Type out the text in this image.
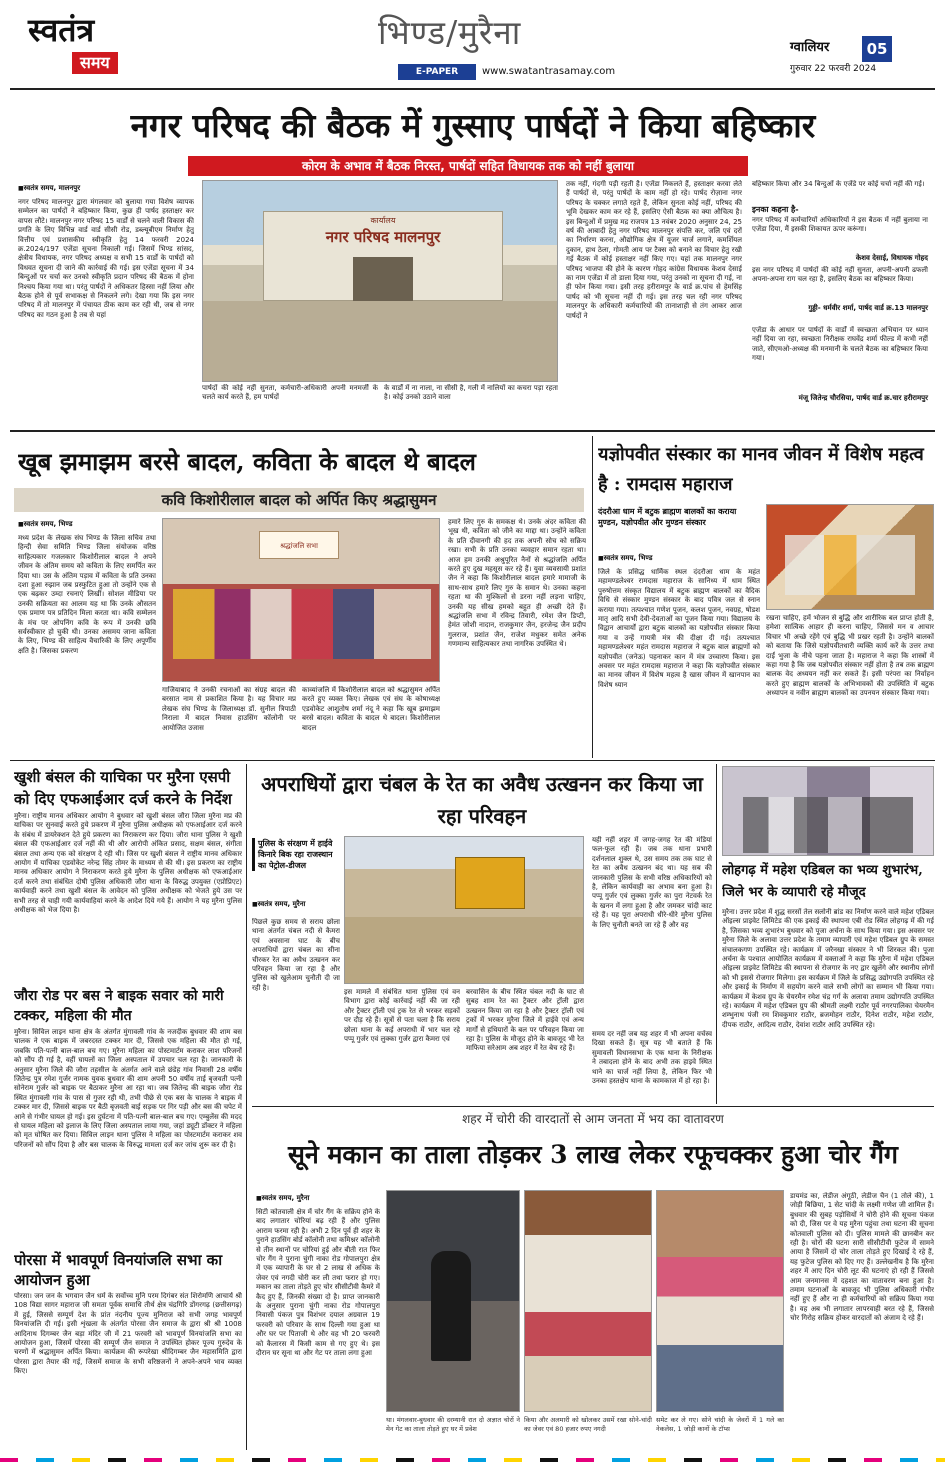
स्वतंत्र
समय
भिण्ड/मुरैना
E-PAPER	www.swatantrasamay.com
ग्वालियर	05
गुरुवार 22 फरवरी 2024
नगर परिषद की बैठक में गुस्साए पार्षदों ने किया बहिष्कार
कोरम के अभाव में बैठक निरस्त, पार्षदों सहित विधायक तक को नहीं बुलाया
■ स्वतंत्र समय, मालनपुर
नगर परिषद मालनपुर द्वारा मंगलवार को बुलाया गया विशेष व्यापक सम्मेलन का पार्षदों ने बहिष्कार किया, कुछ ही पार्षद हस्ताक्षर कर वापस लौटे। मालनपुर नगर परिषद 15 वार्डों से चलने वाली विकास की प्रगति के लिए विभिन्न वार्ड वार्ड सीसी रोड, डब्ल्यूबीएम निर्माण हेतु वित्तीय एवं प्रशासकीय स्वीकृति हेतु 14 फरवरी 2024 क्र.2024/197 एजेंडा सूचना निकाली गई। जिसमें भिण्ड सांसद, क्षेत्रीय विधायक, नगर परिषद अध्यक्ष व सभी 15 वार्डों के पार्षदों को विधवत सूचना दी जाने की कार्रवाई की गई। इस एजेंडा सूचना में 34 बिन्दुओं पर चर्चा कर उनको स्वीकृति प्रदान परिषद की बैठक में होना निश्चय किया गया था। परंतु पार्षदों ने अधिकतर हिस्सा नहीं लिया और बैठक होने से पूर्व सभाकक्ष से निकलने लगे। देखा गया कि इस नगर परिषद में तो मालनपुर में पंचायत ठीक काम कर रही थी, जब से नगर परिषद का गठन हुआ है तब से यहां
कार्यालय
नगर परिषद मालनपुर
पार्षदों की कोई नहीं सुनता, कर्मचारी-अधिकारी अपनी मनमर्जी के चलते कार्य करते हैं, हम पार्षदों
के वार्डों में ना नाला, ना सीसी है, गली में नालियों का कचरा पड़ा रहता है। कोई उनको उठाने वाला
तक नहीं, गंदगी पड़ी रहती है। एजेंडा निकलते हैं, हस्ताक्षर करवा लेते हैं पार्षदों से, परंतु पार्षदों के काम नहीं हो रहे। पार्षद रोज़ाना नगर परिषद के चक्कर लगाते रहते हैं, लेकिन सुनता कोई नहीं, परिषद की भूमि देखकर काम कर रहे हैं, इसलिए ऐसी बैठक का क्या औचित्य है। इस बिन्दुओं में प्रमुख मद्र राजपत्र 13 नवंबर 2020 अनुसार 24, 25 वर्ष की आबादी हेतु नगर परिषद मालनपुर संपत्ति कर, जलि एवं दरों का निर्धारण करना, औद्योगिक क्षेत्र में यूजर चार्ज लगाने, कमर्शियल दुकान, हाथ ठेला, गोमती आय पर टैक्स को बनाने का विचार हेतु रखी गई बैठक में कोई हस्ताक्षर नहीं किए गए। यहां तक मालनपुर नगर परिषद भाजपा की होने के कारण गोहद कांग्रेस विधायक केशव देसाई का नाम एजेंडा में तो डाला दिया गया, परंतु उनको ना सूचना दी गई, ना ही फोन किया गया। इसी तरह हरीरामपुर के वार्ड क्र.पांच से हेमसिंह पार्षद को भी सूचना नहीं दी गई। इस तरह चल रही नगर परिषद मालनपुर के अधिकारी कर्मचारियों की तानाशाही से तंग आकर आज पार्षदों ने
बहिष्कार किया और 34 बिन्दुओं के एजेंडे पर कोई चर्चा नहीं की गई।
इनका कहना है-
नगर परिषद में कर्मचारियों अधिकारियों ने इस बैठक में नहीं बुलाया ना एजेंडा दिया, मैं इसकी शिकायत ऊपर करूंगा।
केशव देसाई, विधायक गोहद
इस नगर परिषद में पार्षदों की कोई नहीं सुनता, अपनी-अपनी ढफली अपना-अपना राग चल रहा है, इसलिए बैठक का बहिष्कार किया।
गुड्डी- धर्मवीर शर्मा, पार्षद वार्ड क्र.13 मालनपुर
एजेंडा के आधार पर पार्षदों के वार्डों में स्वच्छता अभियान पर ध्यान नहीं दिया जा रहा, स्वच्छता निरीक्षक राघवेंद्र शर्मा फील्ड में कभी नहीं जाते, सीएमओ-अध्यक्ष की मनमानी के चलते बैठक का बहिष्कार किया गया।
मंजू जितेन्द्र चौरसिया, पार्षद वार्ड क्र.चार हरीरामपुर
खूब झमाझम बरसे बादल, कविता के बादल थे बादल
कवि किशोरीलाल बादल को अर्पित किए श्रद्धासुमन
■ स्वतंत्र समय, भिण्ड
मध्य प्रदेश के लेखक संघ भिण्ड के जिला सचिव तथा हिन्दी सेवा समिति भिण्ड जिला संयोजक वरिष्ठ साहित्यकार गजलकार किशोरीलाल बादल ने अपने जीवन के अंतिम समय को कविता के लिए समर्पित कर दिया था। उस के अंतिम पड़ाव में कविता के प्रति उनका दशा हुआ रुझान जब प्रस्फुटित हुआ तो उन्होंने एक से एक बढ़कर उम्दा रचनाएं लिखीं। सोशल मीडिया पर उनकी सक्रियता का आलम यह था कि उनके औसतन एक प्रमाण पत्र प्रतिदिन मिला करता था। कवि सम्मेलन के मंच पर ओपनिंग कवि के रूप में उनकी छवि सर्वस्वीकार हो चुकी थी। उनका असमय जाना कविता के लिए, भिण्ड की साहित्य वैचारिकी के लिए अपूर्णीय क्षति है। जिसका प्रकरण
श्रद्धांजलि सभा
गाजियाबाद ने उनकी रचनाओं का संग्रह बादल की बरसात नाम से प्रकाशित किया है। यह विचार मप्र लेखक संघ भिण्ड के जिलाध्यक्ष डॉ. सुनील त्रिपाठी निराला में बादल निवास हाउसिंग कॉलोनी पर आयोजित उजास
काव्यांजलि में किशोरीलाल बादल को श्रद्धासुमन अर्पित करते हुए व्यक्त किए। लेखक एवं संघ के कोषाध्यक्ष एडवोकेट आशुतोष शर्मा नंदू ने कहा कि खूब झमाझम बरसे बादल। कविता के बादल थे बादल। किशोरीलाल बादल
हमारे लिए गुरु के समकक्ष थे। उनके अंदर कविता की भूख थी, कविता को जीने का माद्दा था। उन्होंने कविता के प्रति दीवानगी की हद तक अपनी सोच को सक्रिय रखा। सभी के प्रति उनका व्यवहार समान रहता था। आज हम उनकी अश्रुपूरित नैनों से श्रद्धांजलि अर्पित करते हुए दुख महसूस कर रहे हैं। युवा व्यवसायी प्रशांत जैन ने कहा कि किशोरीलाल बादल हमारे मामाजी के साथ-साथ हमारे लिए गुरु के समान थे। उनका कहना रहता था की मुश्किलों से डरना नहीं लड़ना चाहिए, उनकी यह सीख हमको बहुत ही अच्छी देते हैं। श्रद्धांजलि सभा में रविन्द्र तिवारी, रमेश जैन डिप्टी, हेमंत जोशी नादान, राजकुमार जैन, हरजेन्द्र जैन प्रदीप गुलराज, प्रशांत जैन, राजेश मधुकर समेत अनेक गणमान्य साहित्यकार तथा नागरिक उपस्थित थे।
यज्ञोपवीत संस्कार का मानव जीवन में विशेष महत्व है : रामदास महाराज
दंदरौआ धाम में बटुक ब्राह्मण बालकों का कराया मुण्डन, यज्ञोपवीत और मुण्डन संस्कार
■ स्वतंत्र समय, भिण्ड
जिले के प्रसिद्ध धार्मिक स्थल दंदरौआ धाम के महंत महामण्डलेश्वर रामदास महाराज के सानिध्य में धाम स्थित पुरुषोत्तम संस्कृत विद्यालय में बटुक ब्राह्मण बालकों का वैदिक विधि से संस्कार मुण्डन संस्कार के बाद पवित्र जल से स्नान कराया गया। तत्पश्चात गणेश पूजन, कलश पूजन, नवग्रह, षोडश मातृ आदि सभी देवी-देवताओं का पूजन किया गया। विद्यालय के विद्वान आचार्यों द्वारा बटुक बालकों का यज्ञोपवीत संस्कार किया गया व उन्हें गायत्री मंत्र की दीक्षा दी गई। तत्पश्चात महामण्डलेश्वर महंत रामदास महाराज ने बटुक बाल ब्राह्मणों को यज्ञोपवीत (जनेऊ) पहनाकर कान में मंत्र उच्चारण किया। इस अवसर पर महंत रामदास महाराज ने कहा कि यज्ञोपवीत संस्कार का मानव जीवन में विशेष महत्व है खास जीवन में खानपान का विशेष ध्यान
रखना चाहिए, हमें भोजन से बुद्धि और शारीरिक बल प्राप्त होती है, हमेशा सात्विक आहार ही करना चाहिए, जिससे मन व आचार विचार भी अच्छे रहेंगे एवं बुद्धि भी प्रखर रहती है। उन्होंने बालकों को बताया कि जिसे यज्ञोपवीतधारी व्यक्ति कार्य करें के उत्तर तथा दाईं भुजा के नीचे पहना जाता है। महाराज ने कहा कि शास्त्रों में कहा गया है कि जब यज्ञोपवीत संस्कार नहीं होता है तब तक ब्राह्मण बालक वेद अध्ययन नहीं कर सकते हैं। इसी परंपरा का निर्वाहन करते हुए ब्राह्मण बालकों के अभिभावकों की उपस्थिति में बटुक अध्यापन व नवीन ब्राह्मण बालकों का उपनयन संस्कार किया गया।
खुशी बंसल की याचिका पर मुरैना एसपी को दिए एफआईआर दर्ज करने के निर्देश
मुरैना। राष्ट्रीय मानव अधिकार आयोग ने बुधवार को खुशी बंसल जौरा जिला मुरैना मप्र की याचिका पर सुनवाई करते हुये प्रकरण में मुरैना पुलिस अधीक्षक को एफआईआर दर्ज करने के संबंध में डायरेक्शन देते हुये प्रकरण का निराकरण कर दिया। जौरा थाना पुलिस ने खुशी बंसल की एफआईआर दर्ज नहीं की थी और आरोपी अंकित प्रसाद, सक्षम बंसल, संगीता बंसल तथा अन्य एक को संरक्षण दे रही थी। जिस पर खुशी बंसल ने राष्ट्रीय मानव अधिकार आयोग में याचिका एडवोकेट नरेन्द्र सिंह तोमर के माध्यम से की थी। इस प्रकरण का राष्ट्रीय मानव अधिकार आयोग ने निराकरण करते हुये मुरैना के पुलिस अधीक्षक को एफआईआर दर्ज करने तथा संबंधित दोषी पुलिस अधिकारी जौरा थाना के विरुद्ध उपयुक्त (एप्रोप्रिएट) कार्यवाही करने तथा खुशी बंसल के आवेदन को पुलिस अधीक्षक को भेजते हुये उस पर सभी तरह से चाही गयी कार्यवाहियां करने के आदेश दिये गये हैं। आयोग ने यह मुरैना पुलिस अधीक्षक को भेज दिया है।
जौरा रोड पर बस ने बाइक सवार को मारी टक्कर, महिला की मौत
मुरैना। सिविल लाइन थाना क्षेत्र के अंतर्गत मुंगावली गांव के नजदीक बुधवार की शाम बस चालक ने एक बाइक में जबरदस्त टक्कर मार दी, जिससे एक महिला की मौत हो गई, जबकि पति-पत्नी बाल-बाल बच गए। मुरैना महिला का पोस्टमार्टम कराकर लाश परिजनों को सौंप दी गई है, वहीं घायलों का जिला अस्पताल में उपचार चल रहा है। जानकारी के अनुसार मुरैना जिले की जौरा तहसील के अंतर्गत आने वाले छंडेह गांव निवासी 28 वर्षीय जितेन्द्र पुत्र रमेश गुर्जर नामक युवक बुधवार की शाम अपनी 50 वर्षीय ताई बृजवती पत्नी सोनेराम गुर्जर को बाइक पर बैठाकर मुरैना आ रहा था। जब जितेन्द्र की बाइक जौरा रोड स्थित मुंगावली गांव के पास से गुजर रही थी, तभी पीछे से एक बस के चालक ने बाइक में टक्कर मार दी, जिससे बाइक पर बैठी बृजवती बाई सड़क पर गिर पड़ी और बस की चपेट में आने से गंभीर घायल हो गई। इस दुर्घटना में पति-पत्नी बाल-बाल बच गए। एम्बुलेंस की मदद से घायल महिला को इलाज के लिए जिला अस्पताल लाया गया, जहां ड्यूटी डॉक्टर ने महिला को मृत घोषित कर दिया। सिविल लाइन थाना पुलिस ने महिला का पोस्टमार्टम कराकर शव परिजनों को सौंप दिया है और बस चालक के विरुद्ध मामला दर्ज कर जांच शुरू कर दी है।
पोरसा में भावपूर्ण विनयांजलि सभा का आयोजन हुआ
पोरसा। जन जन के भगवान जैन धर्म के सर्वोच्च मुनि परम दिगंबर संत शिरोमणि आचार्य श्री 108 विद्या सागर महाराज जी समता पूर्वक समाधि तीर्थ क्षेत्र चंद्रगिरि डोंगरगढ़ (छत्तीसगढ़) में हुई, जिससे सम्पूर्ण देश के प्रांत नंदनीय पूज्य मुनिराज को सभी जगह भावपूर्ण विनयांजलि दी गई। इसी शृंखला के अंतर्गत पोरसा जैन समाज के द्वारा श्री श्री 1008 आदिनाथ दिगम्बर जैन बड़ा मंदिर जी में 21 फरवरी को भावपूर्ण विनयांजलि सभा का आयोजन हुआ, जिसमें पोरसा की सम्पूर्ण जैन समाज ने उपस्थित होकर पूज्य गुरुदेव के चरणों में श्रद्धासुमन अर्पित किया। कार्यक्रम की रूपरेखा श्रीदिगम्बर जैन महासमिति द्वारा पोरसा द्वारा तैयार की गई, जिसमें समाज के सभी वरिष्ठजनों ने अपने-अपने भाव व्यक्त किए।
अपराधियों द्वारा चंबल के रेत का अवैध उत्खनन कर किया जा रहा परिवहन
पुलिस के संरक्षण में हाईवे किनारे बिक रहा राजस्थान का पेट्रोल-डीजल
यही नहीं शहर में जगह-जगह रेत की मंडियां फल-फूल रही हैं। जब तक थाना प्रभारी दर्शनलाल शुक्ल थे, उस समय तक तक घाट से रेत का अवैध उत्खनन बंद था। यह सब की जानकारी पुलिस के सभी वरिष्ठ अधिकारियों को है, लेकिन कार्यवाही का अभाव बना हुआ है। पप्पू गुर्जर एवं लुक्का गुर्जर का पुरा नेटवर्क रेत के खनन में लगा हुआ है और जमकर चांदी काट रहे हैं। यह पूरा अपराधी धीरे-धीरे मुरैना पुलिस के लिए चुनौती बनते जा रहे हैं और वह
■ स्वतंत्र समय, मुरैना
पिछले कुछ समय से सराय छोला थाना अंतर्गत चंबल नदी से कैमरा एवं अवसाना घाट के बीच अपराधियों द्वारा चंबल का सीना चीरकर रेत का अवैध उत्खनन कर परिवहन किया जा रहा है और पुलिस को खुलेआम चुनौती दी जा रही है।
इस मामले में संबंधित थाना पुलिस एवं वन विभाग द्वारा कोई कार्रवाई नहीं की जा रही और ट्रैक्टर ट्रॉली एवं ट्रक रेत से भरकर सड़कों पर दौड़ रहे हैं। सूत्रों से पता चला है कि सराय छोला थाना के कई अपराधी में भार चल रहे पप्पू गुर्जर एवं लुक्का गुर्जर द्वारा कैमरा एवं
बरवासिन के बीच स्थित चंबल नदी के घाट से सुबह शाम रेत का ट्रैक्टर और ट्रॉली द्वारा उत्खनन किया जा रहा है और ट्रैक्टर ट्रॉली एवं ट्रकों में भरकर मुरैना जिले में हाईवे एवं अन्य मार्गों से हथियारों के बल पर परिवहन किया जा रहा है। पुलिस के मौजूद होने के बावजूद भी रेत माफिया सरेआम अब शहर में रेत बेच रहे हैं।
समय दर नहीं जब यह शहर में भी अपना वर्चस्व दिखा सकते हैं। सूत्र यह भी बताते हैं कि सुमावली विधानसभा के एक थाना के निरीक्षक ने तबादला होने के बाद अभी तक हाइवे स्थित थाने का चार्ज नहीं लिया है, लेकिन फिर भी उनका हस्तक्षेप थाना के कामकाज में हो रहा है।
लोहगढ़ में महेश एडिबल का भव्य शुभारंभ, जिले भर के व्यापारी रहे मौजूद
मुरैना। उत्तर प्रदेश में शुद्ध सरसों तेल सलोनी ब्रांड का निर्माण करने वाले महेश एडिबल ऑइल्स प्राइवेट लिमिटेड की एक इकाई की स्थापना एबी रोड स्थित लोहगढ़ में की गई है, जिसका भव्य शुभारंभ बुधवार को पूजा अर्चना के साथ किया गया। इस अवसर पर मुरैना जिले के अलावा उत्तर प्रदेश के तमाम व्यापारी एवं महेश एडिबल ग्रुप के समस्त संचालकगण उपस्थित रहे। कार्यक्रम में जरैनखा संस्कार ने भी शिरकत की। पूजा अर्चना के पश्चात आयोजित कार्यक्रम में वक्ताओं ने कहा कि मुरैना में महेश एडिबल ऑइल्स प्राइवेट लिमिटेड की स्थापना से रोजगार के नए द्वार खुलेंगे और स्थानीय लोगों को भी इससे रोजगार मिलेगा। इस कार्यक्रम में जिले के प्रसिद्ध उद्योगपति उपस्थित रहे और इकाई के निर्माण में सहयोग करने वाले सभी लोगों का सम्मान भी किया गया। कार्यक्रम में केशव ग्रुप के चेयरमैन रमेश चंद्र गर्ग के अलावा तमाम उद्योगपति उपस्थित रहे। कार्यक्रम में महेश एडिबल ग्रुप की श्रीमती लक्ष्मी राठौर पूर्व नगरपालिका चेयरमैन शम्भुनाथ पंजी रम शिवकुमार राठौर, ब्रजमोहन राठौर, दिनेश राठौर, महेश राठौर, दीपक राठौर, आदित्य राठौर, देवांश राठौर आदि उपस्थित रहे।
शहर में चोरी की वारदातों से आम जनता में भय का वातावरण
सूने मकान का ताला तोड़कर 3 लाख लेकर रफूचक्कर हुआ चोर गैंग
■ स्वतंत्र समय, मुरैना
सिटी कोतवाली क्षेत्र में चोर गैंग के सक्रिय होने के बाद लगातार चोरियां बढ़ रही हैं और पुलिस आराम फरमा रही है। अभी 2 दिन पूर्व ही शहर के पुराने हाउसिंग बोर्ड कॉलोनी तथा कमिश्नर कॉलोनी से तीन स्थानों पर चोरियां हुई और बीती रात फिर चोर गैंग ने पुराना चुंगी नाका रोड गोपालपुरा क्षेत्र में एक व्यापारी के घर से 2 लाख से अधिक के जेवर एवं नगदी चोरी कर ली तथा फरार हो गए। मकान का ताला तोड़ते हुए चोर सीसीटीवी कैमरे में कैद हुए हैं, जिनकी संख्या दो है। प्राप्त जानकारी के अनुसार पुराना चुंगी नाका रोड गोपालपुरा निवासी पंकज पुत्र विशंभर दयाल अग्रवाल 19 फरवरी को परिवार के साथ दिल्ली गया हुआ था और घर पर पिताजी थे और वह भी 20 फरवरी को कैलारस में किसी काम से गए हुए थे। इस दौरान घर सूना था और गेट पर ताला लगा हुआ
था। मंगलवार-बुधवार की दरम्यानी रात दो अज्ञात चोरों ने मेन गेट का ताला तोड़ते हुए घर में प्रवेश
किया और अलमारी को खोलकर उसमें रखा सोने-चांदी का जेवर एवं 80 हजार रुपए नगदी
समेट कर ले गए। सोने चांदी के जेवरों में 1 गले का नेकलेस, 1 जोड़ी कानों के टॉप्स
डायमंड का, लेडीज अंगूठी, लेडीज चैन (1 तोले की), 1 जोड़ी बिछिया, 1 सेट चांदी के लक्ष्मी गणेश जी शामिल हैं। बुधवार की सुबह पड़ोसियों ने चोरी होने की सूचना पंकज को दी, जिस पर वे यह मुरैना पहुंचा तथा घटना की सूचना कोतवाली पुलिस को दी। पुलिस मामले की छानबीन कर रही है। चोरों की घटना सारी सीसीटीवी फुटेज में सामने आया है जिसमें दो चोर ताला तोड़ते हुए दिखाई दे रहे हैं, यह फुटेज पुलिस को दिए गए हैं। उल्लेखनीय है कि मुरैना शहर में आए दिन चोरी लूट की घटनाएं हो रही हैं जिससे आम जनमानस में दहशत का वातावरण बना हुआ है। तमाम घटनाओं के बावजूद भी पुलिस अधिकारी गंभीर नहीं हुए हैं और ना ही कर्मचारियों को सक्रिय किया गया है। वह अब भी लगातार लापरवाही बरत रहे हैं, जिससे चोर गिरोह सक्रिय होकर वारदातों को अंजाम दे रहे हैं।
